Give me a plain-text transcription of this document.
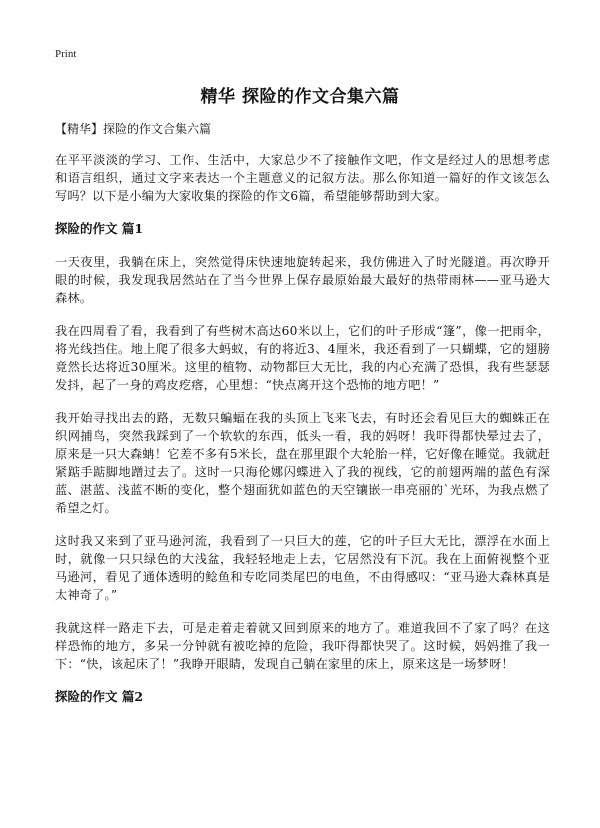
Print
精华 探险的作文合集六篇
【精华】探险的作文合集六篇

在平平淡淡的学习、工作、生活中，大家总少不了接触作文吧，作文是经过人的思想考虑和语言组织，通过文字来表达一个主题意义的记叙方法。那么你知道一篇好的作文该怎么写吗？以下是小编为大家收集的探险的作文6篇，希望能够帮助到大家。

探险的作文 篇1

一天夜里，我躺在床上，突然觉得床快速地旋转起来，我仿佛进入了时光隧道。再次睁开眼的时候，我发现我居然站在了当今世界上保存最原始最大最好的热带雨林——亚马逊大森林。

我在四周看了看，我看到了有些树木高达60米以上，它们的叶子形成“篷”，像一把雨伞，将光线挡住。地上爬了很多大蚂蚁，有的将近3、4厘米，我还看到了一只蝴蝶，它的翅膀竟然长达将近30厘米。这里的植物、动物都巨大无比，我的内心充满了恐惧，我有些瑟瑟发抖，起了一身的鸡皮疙瘩，心里想：“快点离开这个恐怖的地方吧！”

我开始寻找出去的路，无数只蝙蝠在我的头顶上飞来飞去，有时还会看见巨大的蜘蛛正在织网捕鸟，突然我踩到了一个软软的东西，低头一看，我的妈呀！我吓得都快晕过去了，原来是一只大森蚺！它差不多有5米长，盘在那里跟个大轮胎一样，它好像在睡觉。我就赶紧踮手踮脚地蹭过去了。这时一只海伦娜闪蝶进入了我的视线，它的前翅两端的蓝色有深蓝、湛蓝、浅蓝不断的变化，整个翅面犹如蓝色的天空镶嵌一串亮丽的`光环，为我点燃了希望之灯。

这时我又来到了亚马逊河流，我看到了一只巨大的莲，它的叶子巨大无比，漂浮在水面上时，就像一只只绿色的大浅盆，我轻轻地走上去，它居然没有下沉。我在上面俯视整个亚马逊河，看见了通体透明的鲶鱼和专吃同类尾巴的电鱼，不由得感叹：“亚马逊大森林真是太神奇了。”

我就这样一路走下去，可是走着走着就又回到原来的地方了。难道我回不了家了吗？在这样恐怖的地方，多呆一分钟就有被吃掉的危险，我吓得都快哭了。这时候，妈妈推了我一下：“快，该起床了！”我睁开眼睛，发现自己躺在家里的床上，原来这是一场梦呀！

探险的作文 篇2
